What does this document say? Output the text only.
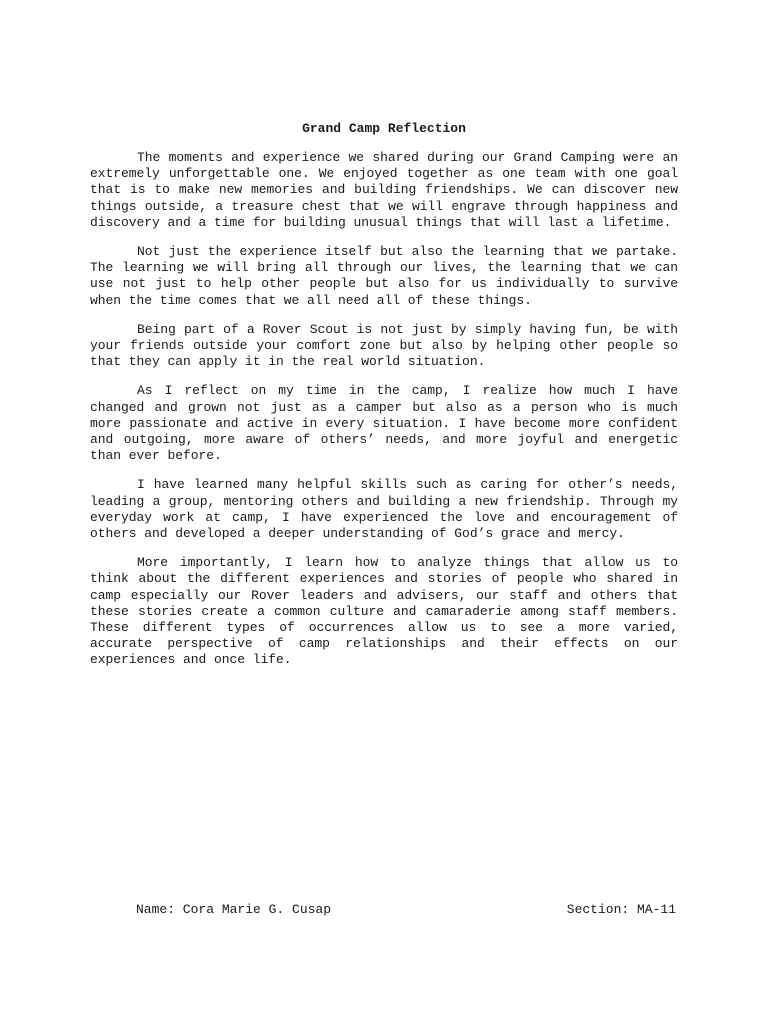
Grand Camp Reflection

The moments and experience we shared during our Grand Camping were an extremely unforgettable one. We enjoyed together as one team with one goal that is to make new memories and building friendships. We can discover new things outside, a treasure chest that we will engrave through happiness and discovery and a time for building unusual things that will last a lifetime.

Not just the experience itself but also the learning that we partake. The learning we will bring all through our lives, the learning that we can use not just to help other people but also for us individually to survive when the time comes that we all need all of these things.

Being part of a Rover Scout is not just by simply having fun, be with your friends outside your comfort zone but also by helping other people so that they can apply it in the real world situation.

As I reflect on my time in the camp, I realize how much I have changed and grown not just as a camper but also as a person who is much more passionate and active in every situation. I have become more confident and outgoing, more aware of others’ needs, and more joyful and energetic than ever before.

I have learned many helpful skills such as caring for other’s needs, leading a group, mentoring others and building a new friendship. Through my everyday work at camp, I have experienced the love and encouragement of others and developed a deeper understanding of God’s grace and mercy.

More importantly, I learn how to analyze things that allow us to think about the different experiences and stories of people who shared in camp especially our Rover leaders and advisers, our staff and others that these stories create a common culture and camaraderie among staff members. These different types of occurrences allow us to see a more varied, accurate perspective of camp relationships and their effects on our experiences and once life.

Name: Cora Marie G. Cusap	Section: MA-11
